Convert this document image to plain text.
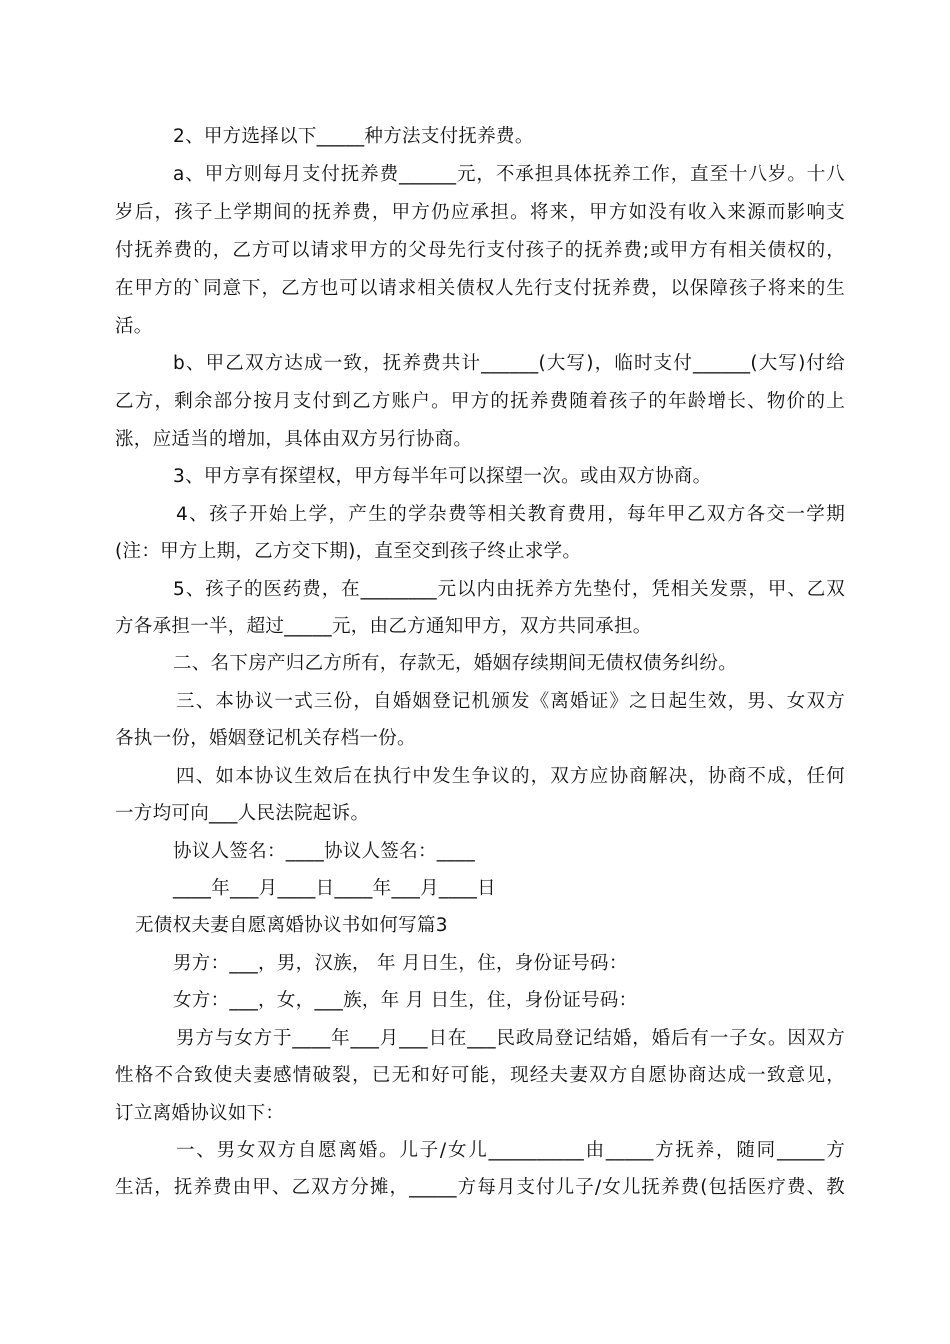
2、甲方选择以下_____种方法支付抚养费。
a、甲方则每月支付抚养费______元，不承担具体抚养工作，直至十八岁。十八
岁后，孩子上学期间的抚养费，甲方仍应承担。将来，甲方如没有收入来源而影响支
付抚养费的，乙方可以请求甲方的父母先行支付孩子的抚养费;或甲方有相关债权的，
在甲方的`同意下，乙方也可以请求相关债权人先行支付抚养费，以保障孩子将来的生
活。
b、甲乙双方达成一致，抚养费共计______(大写)，临时支付______(大写)付给
乙方，剩余部分按月支付到乙方账户。甲方的抚养费随着孩子的年龄增长、物价的上
涨，应适当的增加，具体由双方另行协商。
3、甲方享有探望权，甲方每半年可以探望一次。或由双方协商。
4、孩子开始上学，产生的学杂费等相关教育费用，每年甲乙双方各交一学期
(注：甲方上期，乙方交下期)，直至交到孩子终止求学。
5、孩子的医药费，在________元以内由抚养方先垫付，凭相关发票，甲、乙双
方各承担一半，超过_____元，由乙方通知甲方，双方共同承担。
二、名下房产归乙方所有，存款无，婚姻存续期间无债权债务纠纷。
三、本协议一式三份，自婚姻登记机颁发《离婚证》之日起生效，男、女双方
各执一份，婚姻登记机关存档一份。
四、如本协议生效后在执行中发生争议的，双方应协商解决，协商不成，任何
一方均可向___人民法院起诉。
协议人签名：____协议人签名：____
____年___月____日____年___月____日
无债权夫妻自愿离婚协议书如何写篇3
男方：___，男，汉族， 年 月日生，住，身份证号码：
女方：___，女，___族，年 月 日生，住，身份证号码：
男方与女方于____年___月___日在___民政局登记结婚，婚后有一子女。因双方
性格不合致使夫妻感情破裂，已无和好可能，现经夫妻双方自愿协商达成一致意见，
订立离婚协议如下：
一、男女双方自愿离婚。儿子/女儿__________由_____方抚养，随同_____方
生活，抚养费由甲、乙双方分摊，_____方每月支付儿子/女儿抚养费(包括医疗费、教
